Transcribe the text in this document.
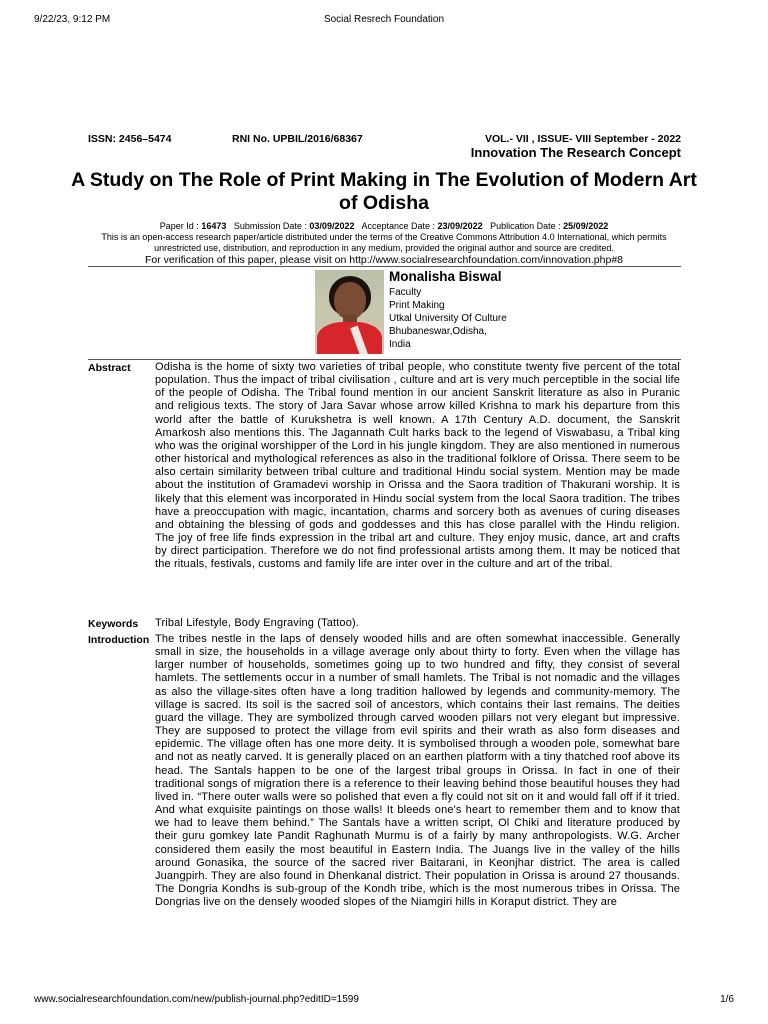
9/22/23, 9:12 PM	Social Resrech Foundation
ISSN: 2456–5474	RNI No. UPBIL/2016/68367	VOL.- VII , ISSUE- VIII September - 2022
Innovation The Research Concept
A Study on The Role of Print Making in The Evolution of Modern Art of Odisha
Paper Id : 16473 Submission Date : 03/09/2022 Acceptance Date : 23/09/2022 Publication Date : 25/09/2022
This is an open-access research paper/article distributed under the terms of the Creative Commons Attribution 4.0 International, which permits unrestricted use, distribution, and reproduction in any medium, provided the original author and source are credited.
For verification of this paper, please visit on http://www.socialresearchfoundation.com/innovation.php#8
Monalisha Biswal
Faculty
Print Making
Utkal University Of Culture
Bhubaneswar,Odisha,
India
Abstract Odisha is the home of sixty two varieties of tribal people, who constitute twenty five percent of the total population. Thus the impact of tribal civilisation , culture and art is very much perceptible in the social life of the people of Odisha. The Tribal found mention in our ancient Sanskrit literature as also in Puranic and religious texts. The story of Jara Savar whose arrow killed Krishna to mark his departure from this world after the battle of Kurukshetra is well known. A 17th Century A.D. document, the Sanskrit Amarkosh also mentions this. The Jagannath Cult harks back to the legend of Viswabasu, a Tribal king who was the original worshipper of the Lord in his jungle kingdom. They are also mentioned in numerous other historical and mythological references as also in the traditional folklore of Orissa. There seem to be also certain similarity between tribal culture and traditional Hindu social system. Mention may be made about the institution of Gramadevi worship in Orissa and the Saora tradition of Thakurani worship. It is likely that this element was incorporated in Hindu social system from the local Saora tradition. The tribes have a preoccupation with magic, incantation, charms and sorcery both as avenues of curing diseases and obtaining the blessing of gods and goddesses and this has close parallel with the Hindu religion. The joy of free life finds expression in the tribal art and culture. They enjoy music, dance, art and crafts by direct participation. Therefore we do not find professional artists among them. It may be noticed that the rituals, festivals, customs and family life are inter over in the culture and art of the tribal.
Keywords Tribal Lifestyle, Body Engraving (Tattoo).
Introduction The tribes nestle in the laps of densely wooded hills and are often somewhat inaccessible. Generally small in size, the households in a village average only about thirty to forty. Even when the village has larger number of households, sometimes going up to two hundred and fifty, they consist of several hamlets. The settlements occur in a number of small hamlets. The Tribal is not nomadic and the villages as also the village-sites often have a long tradition hallowed by legends and community-memory. The village is sacred. Its soil is the sacred soil of ancestors, which contains their last remains. The deities guard the village. They are symbolized through carved wooden pillars not very elegant but impressive. They are supposed to protect the village from evil spirits and their wrath as also form diseases and epidemic. The village often has one more deity. It is symbolised through a wooden pole, somewhat bare and not as neatly carved. It is generally placed on an earthen platform with a tiny thatched roof above its head. The Santals happen to be one of the largest tribal groups in Orissa. In fact in one of their traditional songs of migration there is a reference to their leaving behind those beautiful houses they had lived in. “There outer walls were so polished that even a fly could not sit on it and would fall off if it tried. And what exquisite paintings on those walls! It bleeds one's heart to remember them and to know that we had to leave them behind.” The Santals have a written script, Ol Chiki and literature produced by their guru gomkey late Pandit Raghunath Murmu is of a fairly by many anthropologists. W.G. Archer considered them easily the most beautiful in Eastern India. The Juangs live in the valley of the hills around Gonasika, the source of the sacred river Baitarani, in Keonjhar district. The area is called Juangpirh. They are also found in Dhenkanal district. Their population in Orissa is around 27 thousands. The Dongria Kondhs is sub-group of the Kondh tribe, which is the most numerous tribes in Orissa. The Dongrias live on the densely wooded slopes of the Niamgiri hills in Koraput district. They are
www.socialresearchfoundation.com/new/publish-journal.php?editID=1599	1/6
